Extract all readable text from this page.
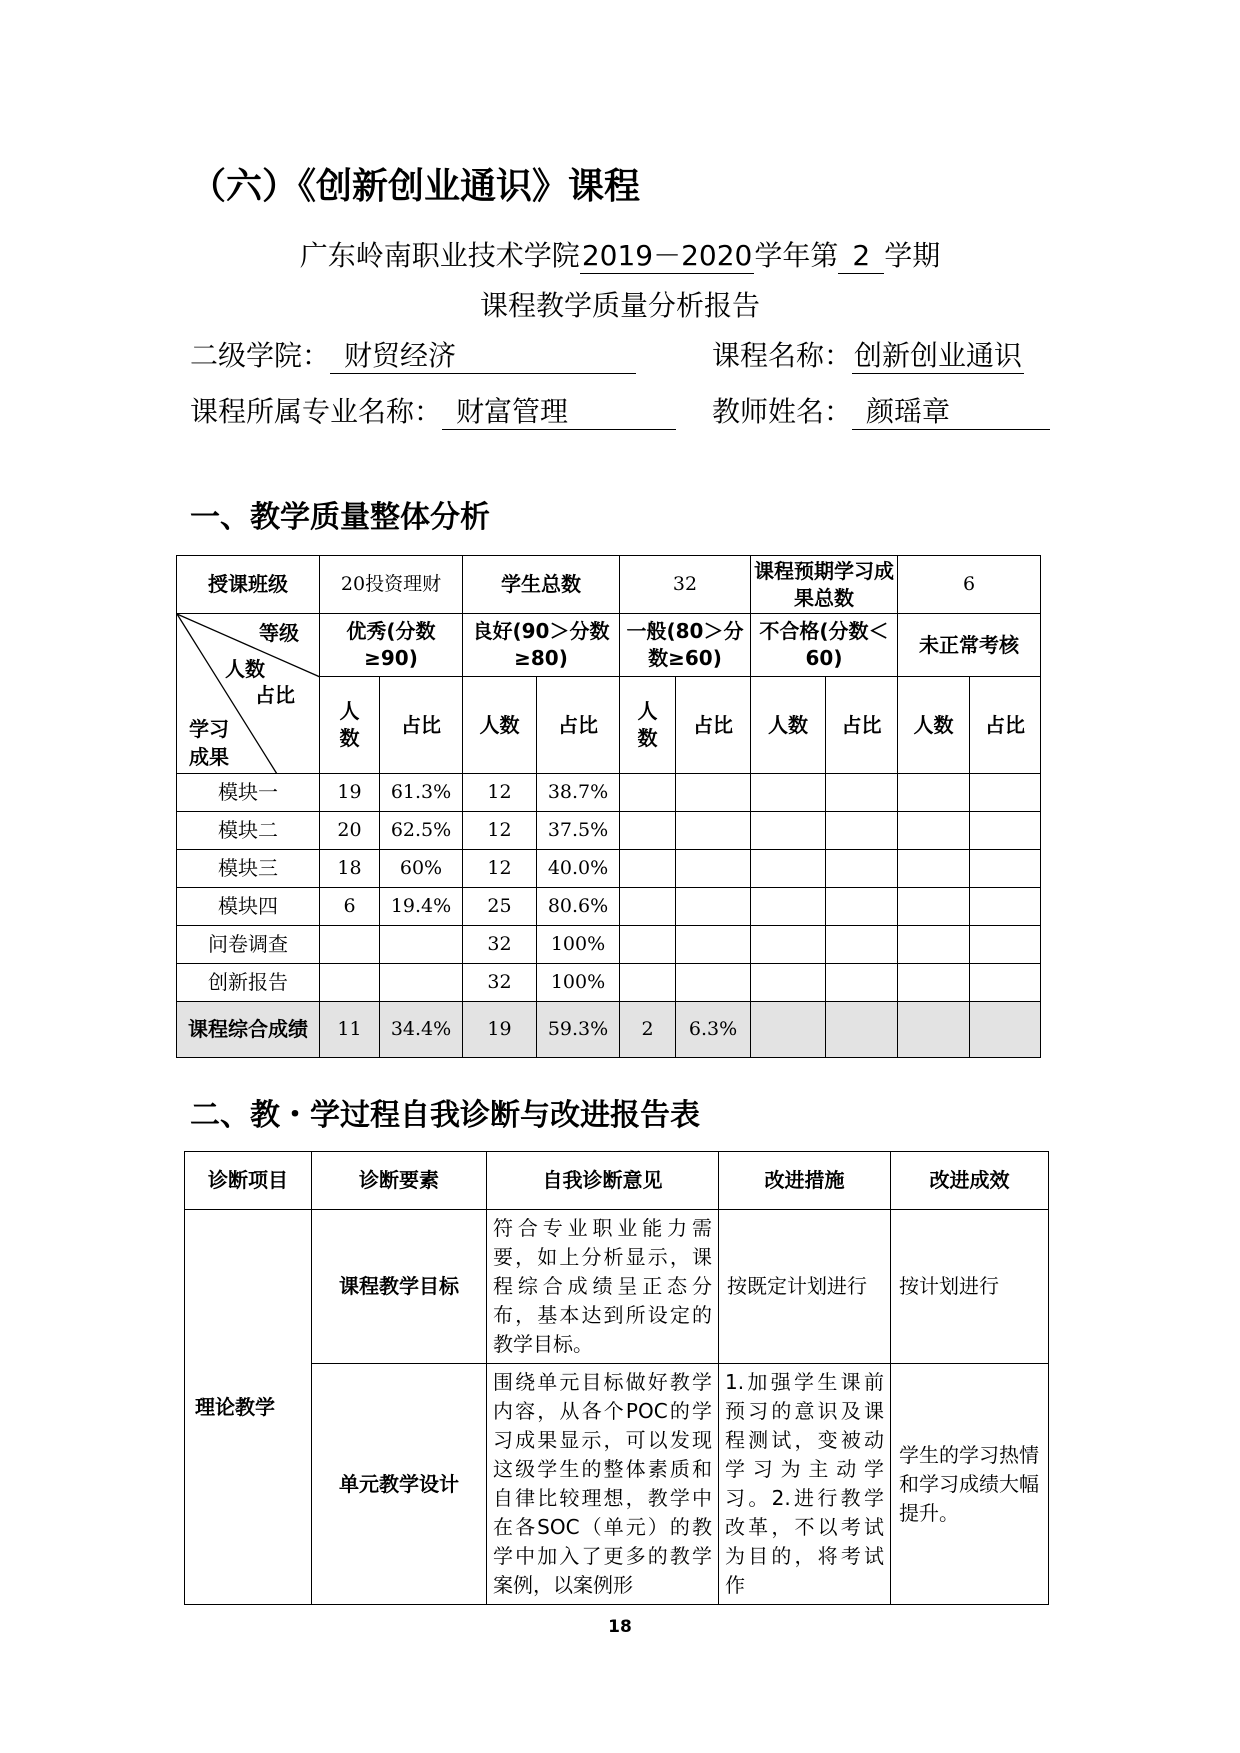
（六）《创新创业通识》课程
广东岭南职业技术学院2019－2020学年第 2 学期
课程教学质量分析报告
二级学院： 财贸经济	课程名称：创新创业通识
课程所属专业名称： 财富管理	教师姓名： 颜瑶章
一、教学质量整体分析
授课班级	20投资理财		学生总数		32		课程预期学习成果总数		6	

等级
人数
占比
学习
成果	优秀(分数≥90)		良好(90＞分数≥80)		一般(80＞分数≥60)		不合格(分数＜60)		未正常考核	
	人数	占比	人数	占比	人数	占比	人数	占比	人数	占比
模块一	19	61.3%	12	38.7%						
模块二	20	62.5%	12	37.5%						
模块三	18	60%	12	40.0%						
模块四	6	19.4%	25	80.6%						
问卷调查			32	100%						
创新报告			32	100%						
课程综合成绩	11	34.4%	19	59.3%	2	6.3%				
二、教・学过程自我诊断与改进报告表
诊断项目	诊断要素	自我诊断意见	改进措施	改进成效
理论教学	课程教学目标	符合专业职业能力需要，如上分析显示，课程综合成绩呈正态分布，基本达到所设定的教学目标。	按既定计划进行	按计划进行
	单元教学设计	围绕单元目标做好教学内容，从各个POC的学习成果显示，可以发现这级学生的整体素质和自律比较理想，教学中在各SOC（单元）的教学中加入了更多的教学案例，以案例形	1.加强学生课前预习的意识及课程测试，变被动学习为主动学习。2.进行教学改革，不以考试为目的，将考试作	学生的学习热情和学习成绩大幅提升。
18
